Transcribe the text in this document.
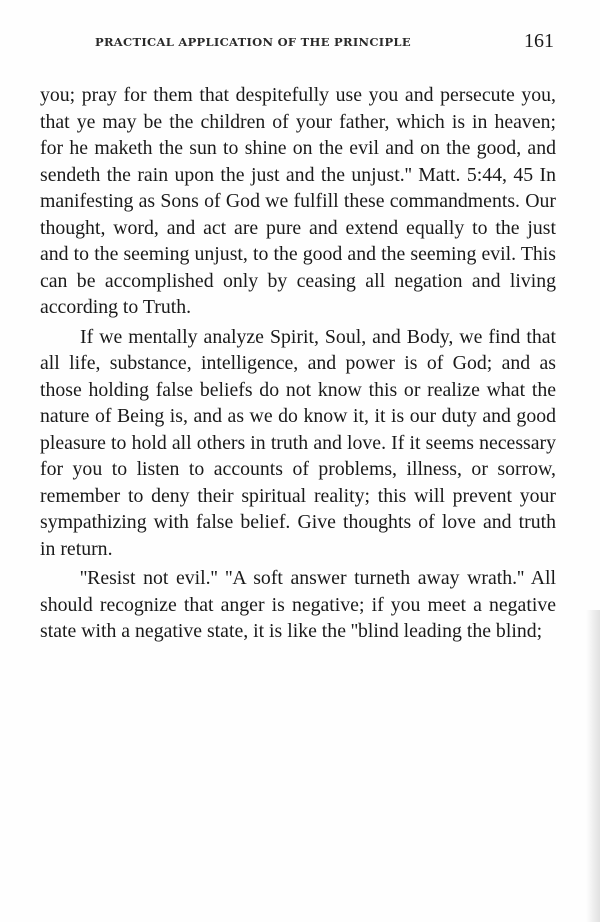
PRACTICAL APPLICATION OF THE PRINCIPLE	161

you; pray for them that despitefully use you and persecute you, that ye may be the children of your father, which is in heaven; for he maketh the sun to shine on the evil and on the good, and sendeth the rain upon the just and the unjust.'' Matt. 5:44, 45 In manifesting as Sons of God we fulfill these commandments. Our thought, word, and act are pure and extend equally to the just and to the seeming unjust, to the good and the seeming evil. This can be accomplished only by ceasing all negation and living according to Truth.

If we mentally analyze Spirit, Soul, and Body, we find that all life, substance, intelligence, and power is of God; and as those holding false beliefs do not know this or realize what the nature of Being is, and as we do know it, it is our duty and good pleasure to hold all others in truth and love. If it seems necessary for you to listen to accounts of problems, illness, or sorrow, remember to deny their spiritual reality; this will prevent your sympathizing with false belief. Give thoughts of love and truth in return.

''Resist not evil.'' ''A soft answer turneth away wrath.'' All should recognize that anger is negative; if you meet a negative state with a negative state, it is like the ''blind leading the blind;
